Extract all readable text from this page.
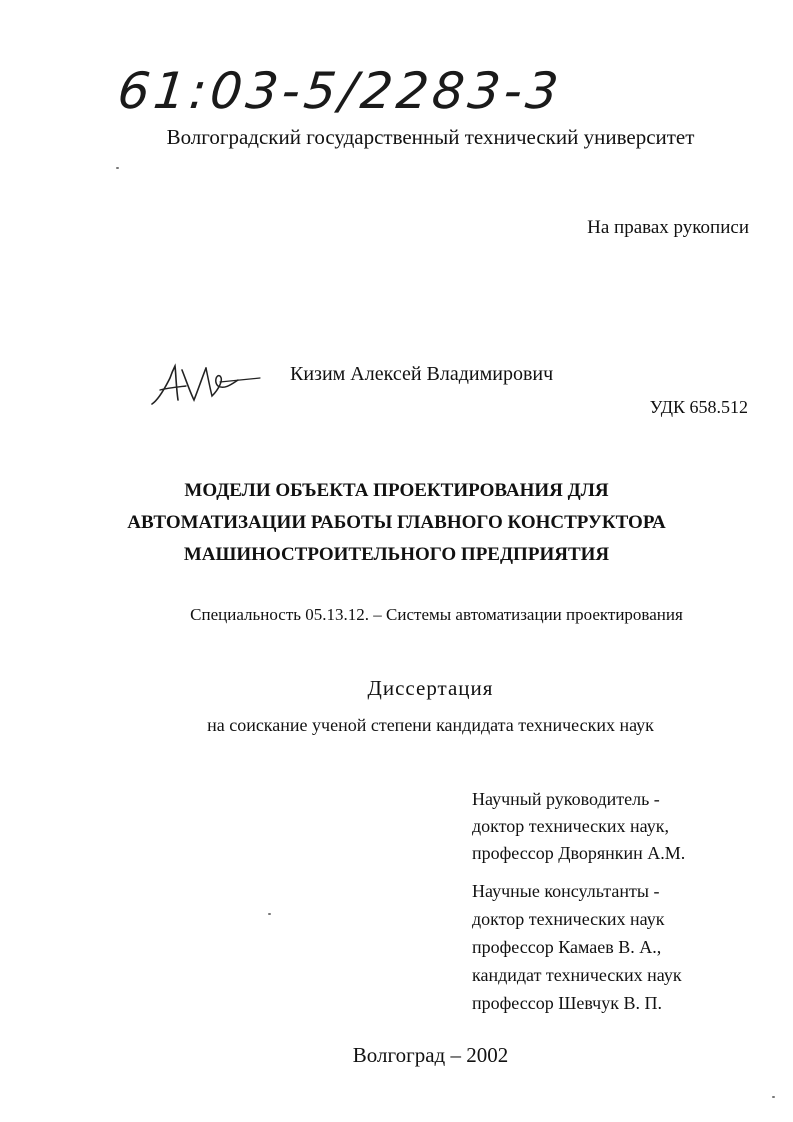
61:03-5/2283-3
Волгоградский государственный технический университет
На правах рукописи
Кизим Алексей Владимирович
УДК 658.512
МОДЕЛИ ОБЪЕКТА ПРОЕКТИРОВАНИЯ ДЛЯ
АВТОМАТИЗАЦИИ РАБОТЫ ГЛАВНОГО КОНСТРУКТОРА
МАШИНОСТРОИТЕЛЬНОГО ПРЕДПРИЯТИЯ
Специальность 05.13.12. – Системы автоматизации проектирования
Диссертация
на соискание ученой степени кандидата технических наук
Научный руководитель -
доктор технических наук,
профессор Дворянкин А.М.
Научные консультанты -
доктор технических наук
профессор Камаев В. А.,
кандидат технических наук
профессор Шевчук В. П.
Волгоград – 2002
